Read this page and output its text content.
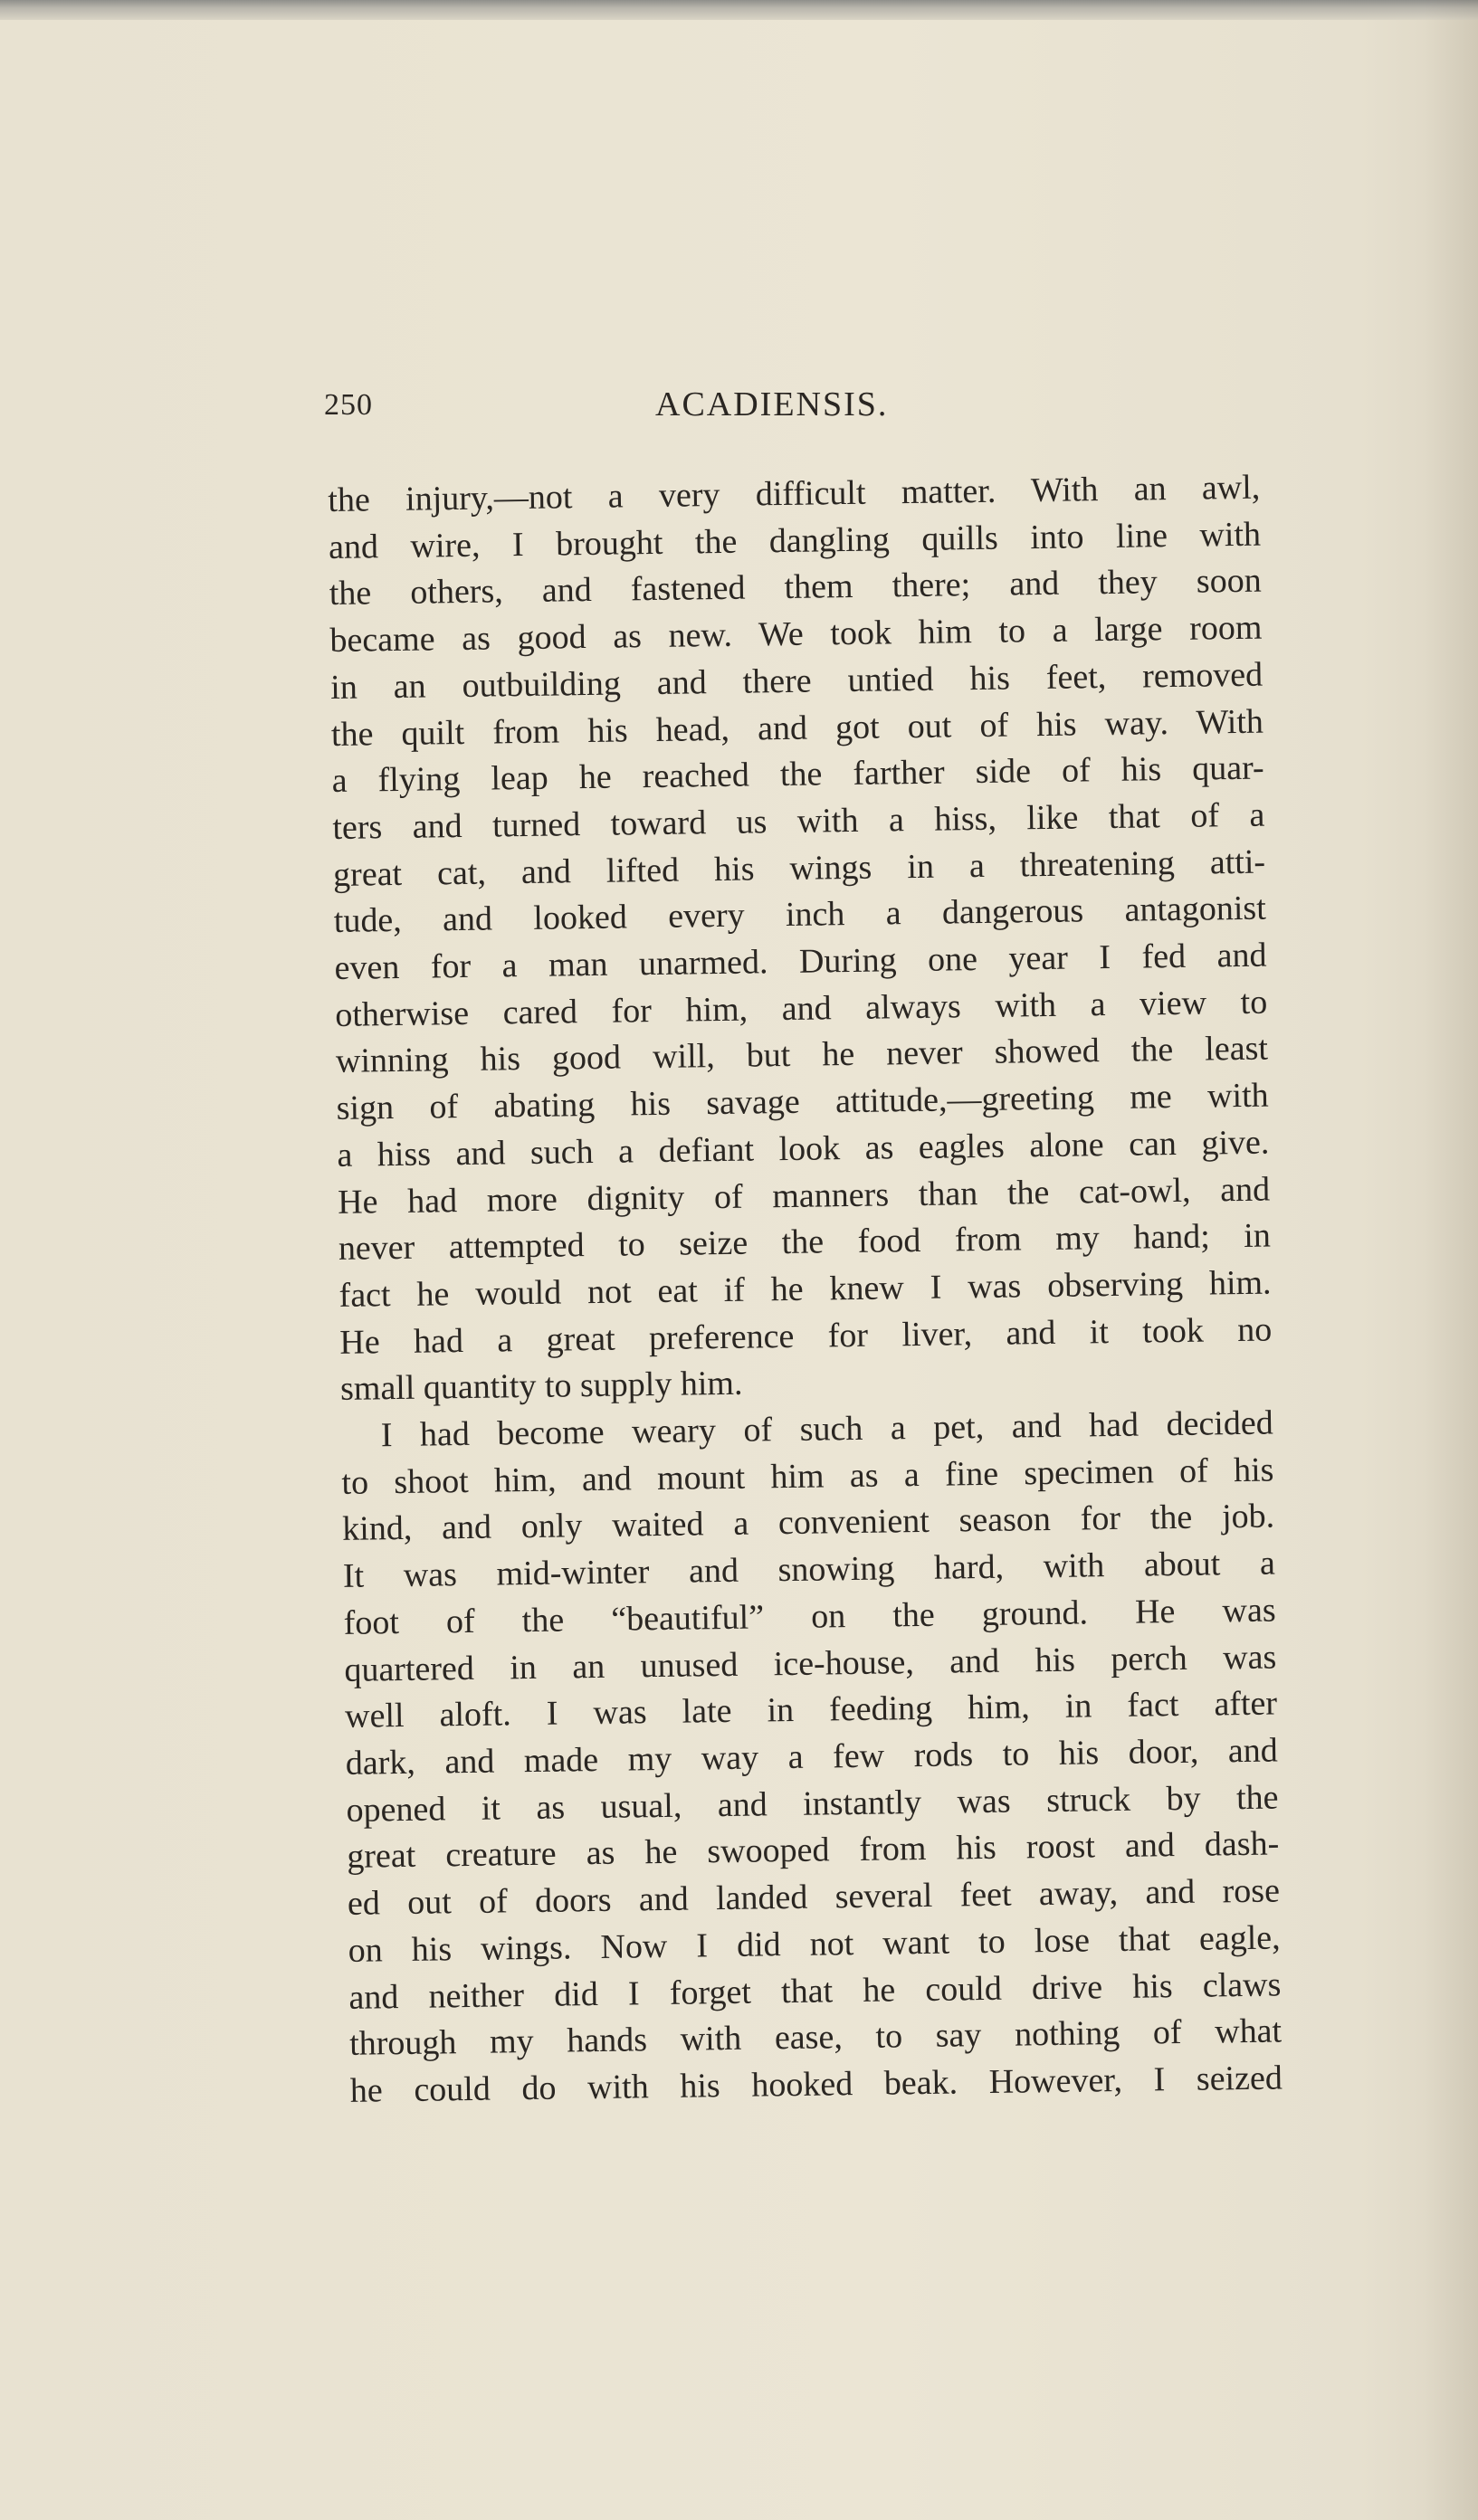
250	ACADIENSIS.
the injury,—not a very difficult matter. With an awl,
and wire, I brought the dangling quills into line with
the others, and fastened them there; and they soon
became as good as new. We took him to a large room
in an outbuilding and there untied his feet, removed
the quilt from his head, and got out of his way. With
a flying leap he reached the farther side of his quar-
ters and turned toward us with a hiss, like that of a
great cat, and lifted his wings in a threatening atti-
tude, and looked every inch a dangerous antagonist
even for a man unarmed. During one year I fed and
otherwise cared for him, and always with a view to
winning his good will, but he never showed the least
sign of abating his savage attitude,—greeting me with
a hiss and such a defiant look as eagles alone can give.
He had more dignity of manners than the cat-owl, and
never attempted to seize the food from my hand; in
fact he would not eat if he knew I was observing him.
He had a great preference for liver, and it took no
small quantity to supply him.
I had become weary of such a pet, and had decided
to shoot him, and mount him as a fine specimen of his
kind, and only waited a convenient season for the job.
It was mid-winter and snowing hard, with about a
foot of the “beautiful” on the ground. He was
quartered in an unused ice-house, and his perch was
well aloft. I was late in feeding him, in fact after
dark, and made my way a few rods to his door, and
opened it as usual, and instantly was struck by the
great creature as he swooped from his roost and dash-
ed out of doors and landed several feet away, and rose
on his wings. Now I did not want to lose that eagle,
and neither did I forget that he could drive his claws
through my hands with ease, to say nothing of what
he could do with his hooked beak. However, I seized
